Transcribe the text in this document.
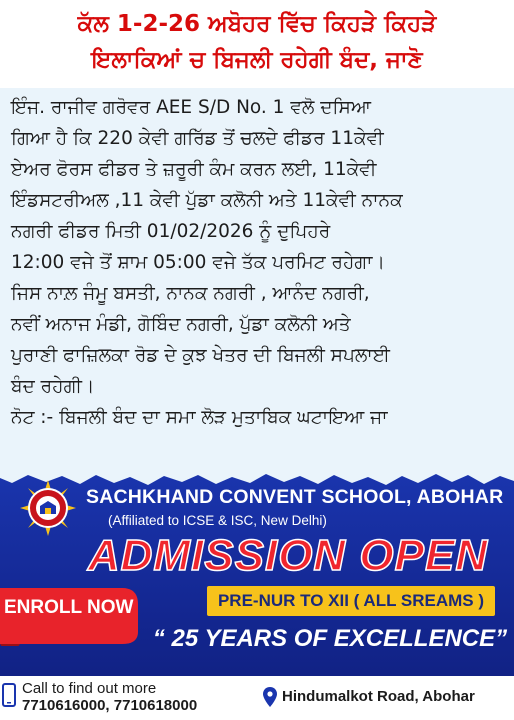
ਕੱਲ 1-2-26 ਅਬੋਹਰ ਵਿੱਚ ਕਿਹੜੇ ਕਿਹੜੇ
ਇਲਾਕਿਆਂ ਚ ਬਿਜਲੀ ਰਹੇਗੀ ਬੰਦ, ਜਾਣੋ
ਇੰਜ. ਰਾਜੀਵ ਗਰੋਵਰ AEE S/D No. 1 ਵਲੋ ਦਸਿਆ
ਗਿਆ ਹੈ ਕਿ 220 ਕੇਵੀ ਗਰਿੱਡ ਤੋਂ ਚਲਦੇ ਫੀਡਰ 11ਕੇਵੀ
ਏਅਰ ਫੋਰਸ ਫੀਡਰ ਤੇ ਜ਼ਰੂਰੀ ਕੰਮ ਕਰਨ ਲਈ, 11ਕੇਵੀ
ਇੰਡਸਟਰੀਅਲ ,11 ਕੇਵੀ ਪੁੱਡਾ ਕਲੋਨੀ ਅਤੇ 11ਕੇਵੀ ਨਾਨਕ
ਨਗਰੀ ਫੀਡਰ ਮਿਤੀ 01/02/2026 ਨੂੰ ਦੁਪਿਹਰੇ
12:00 ਵਜੇ ਤੋਂ ਸ਼ਾਮ 05:00 ਵਜੇ ਤੱਕ ਪਰਮਿਟ ਰਹੇਗਾ।
ਜਿਸ ਨਾਲ਼ ਜੰਮੂ ਬਸਤੀ, ਨਾਨਕ ਨਗਰੀ , ਆਨੰਦ ਨਗਰੀ,
ਨਵੀਂ ਅਨਾਜ ਮੰਡੀ, ਗੋਬਿੰਦ ਨਗਰੀ, ਪੁੱਡਾ ਕਲੋਨੀ ਅਤੇ
ਪੁਰਾਣੀ ਫਾਜ਼ਿਲਕਾ ਰੋਡ ਦੇ ਕੁਝ ਖੇਤਰ ਦੀ ਬਿਜਲੀ ਸਪਲਾਈ
ਬੰਦ ਰਹੇਗੀ।
ਨੋਟ :- ਬਿਜਲੀ ਬੰਦ ਦਾ ਸਮਾ ਲੋੜ ਮੁਤਾਬਿਕ ਘਟਾਇਆ ਜਾ
SACHKHAND CONVENT SCHOOL, ABOHAR
(Affiliated to ICSE & ISC, New Delhi)
ADMISSION OPEN
ENROLL NOW	PRE-NUR TO XII ( ALL SREAMS )
“ 25 YEARS OF EXCELLENCE”
Call to find out more
7710616000, 7710618000
Hindumalkot Road, Abohar
